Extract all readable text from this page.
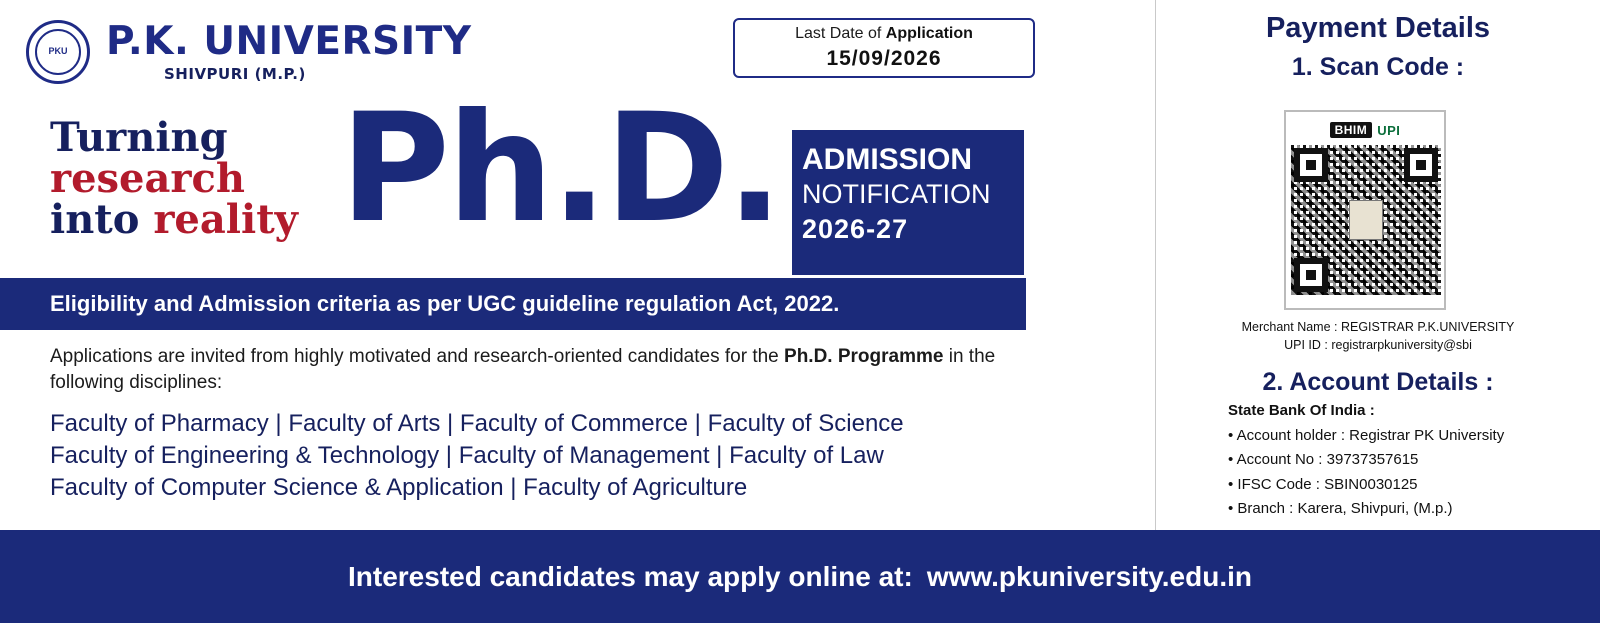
PKU P.K. UNIVERSITY
SHIVPURI (M.P.)
Last Date of Application
15/09/2026
Turning
research
into reality Ph.D. ADMISSION
NOTIFICATION
2026-27
Eligibility and Admission criteria as per UGC guideline regulation Act, 2022.
Applications are invited from highly motivated and research-oriented candidates for the Ph.D. Programme in the following disciplines:
Faculty of Pharmacy | Faculty of Arts | Faculty of Commerce | Faculty of Science
Faculty of Engineering & Technology | Faculty of Management | Faculty of Law
Faculty of Computer Science & Application | Faculty of Agriculture
Payment Details
1. Scan Code :
BHIM UPI
Merchant Name : REGISTRAR P.K.UNIVERSITY
UPI ID : registrarpkuniversity@sbi
2. Account Details :
State Bank Of India :
• Account holder : Registrar PK University
• Account No : 39737357615
• IFSC Code : SBIN0030125
• Branch : Karera, Shivpuri, (M.p.)
Interested candidates may apply online at: www.pkuniversity.edu.in
